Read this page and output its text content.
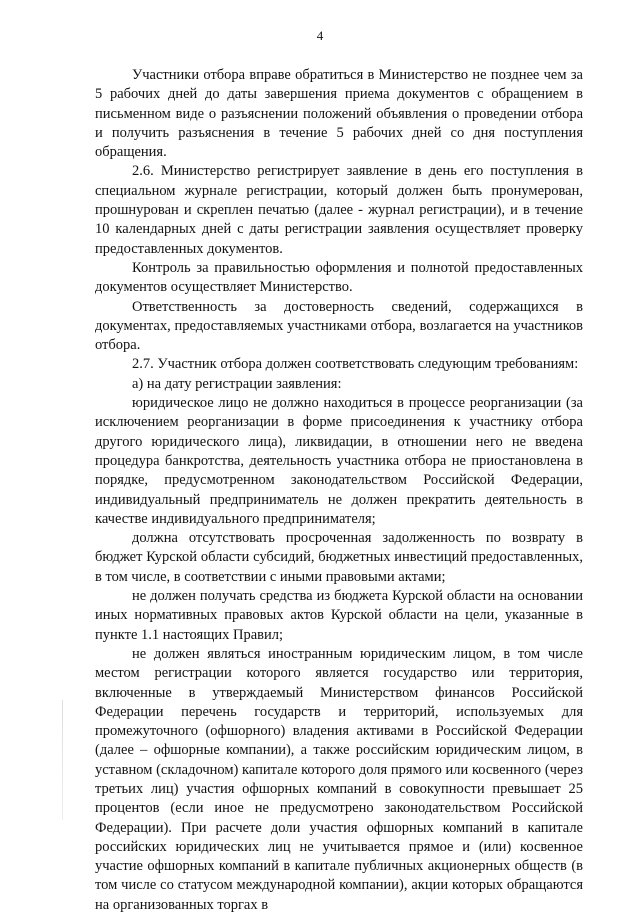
4

Участники отбора вправе обратиться в Министерство не позднее чем за 5 рабочих дней до даты завершения приема документов с обращением в письменном виде о разъяснении положений объявления о проведении отбора и получить разъяснения в течение 5 рабочих дней со дня поступления обращения.

2.6. Министерство регистрирует заявление в день его поступления в специальном журнале регистрации, который должен быть пронумерован, прошнурован и скреплен печатью (далее - журнал регистрации), и в течение 10 календарных дней с даты регистрации заявления осуществляет проверку предоставленных документов.

Контроль за правильностью оформления и полнотой предоставленных документов осуществляет Министерство.

Ответственность за достоверность сведений, содержащихся в документах, предоставляемых участниками отбора, возлагается на участников отбора.

2.7. Участник отбора должен соответствовать следующим требованиям:

а) на дату регистрации заявления:

юридическое лицо не должно находиться в процессе реорганизации (за исключением реорганизации в форме присоединения к участнику отбора другого юридического лица), ликвидации, в отношении него не введена процедура банкротства, деятельность участника отбора не приостановлена в порядке, предусмотренном законодательством Российской Федерации, индивидуальный предприниматель не должен прекратить деятельность в качестве индивидуального предпринимателя;

должна отсутствовать просроченная задолженность по возврату в бюджет Курской области субсидий, бюджетных инвестиций предоставленных, в том числе, в соответствии с иными правовыми актами;

не должен получать средства из бюджета Курской области на основании иных нормативных правовых актов Курской области на цели, указанные в пункте 1.1 настоящих Правил;

не должен являться иностранным юридическим лицом, в том числе местом регистрации которого является государство или территория, включенные в утверждаемый Министерством финансов Российской Федерации перечень государств и территорий, используемых для промежуточного (офшорного) владения активами в Российской Федерации (далее – офшорные компании), а также российским юридическим лицом, в уставном (складочном) капитале которого доля прямого или косвенного (через третьих лиц) участия офшорных компаний в совокупности превышает 25 процентов (если иное не предусмотрено законодательством Российской Федерации). При расчете доли участия офшорных компаний в капитале российских юридических лиц не учитывается прямое и (или) косвенное участие офшорных компаний в капитале публичных акционерных обществ (в том числе со статусом международной компании), акции которых обращаются на организованных торгах в
